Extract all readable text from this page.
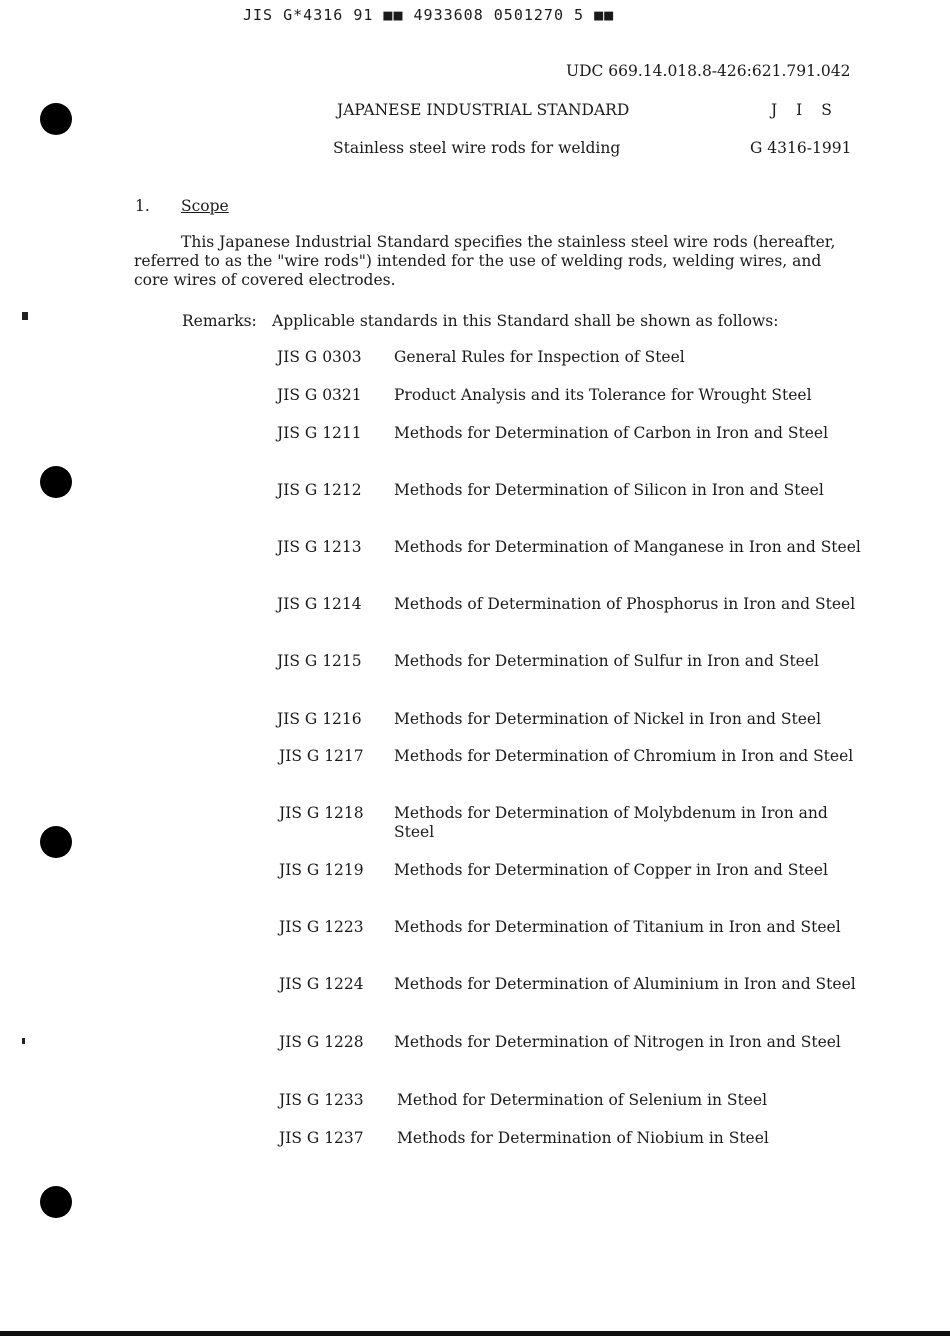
JIS G*4316 91 ■■ 4933608 0501270 5 ■■
UDC 669.14.018.8-426:621.791.042
JAPANESE INDUSTRIAL STANDARD	J I S
Stainless steel wire rods for welding	G 4316-1991
1. Scope

This Japanese Industrial Standard specifies the stainless steel wire rods (hereafter, referred to as the "wire rods") intended for the use of welding rods, welding wires, and core wires of covered electrodes.

Remarks: Applicable standards in this Standard shall be shown as follows:
JIS G 0303 General Rules for Inspection of Steel
JIS G 0321 Product Analysis and its Tolerance for Wrought Steel
JIS G 1211 Methods for Determination of Carbon in Iron and Steel
JIS G 1212 Methods for Determination of Silicon in Iron and Steel
JIS G 1213 Methods for Determination of Manganese in Iron and Steel
JIS G 1214 Methods of Determination of Phosphorus in Iron and Steel
JIS G 1215 Methods for Determination of Sulfur in Iron and Steel
JIS G 1216 Methods for Determination of Nickel in Iron and Steel
JIS G 1217 Methods for Determination of Chromium in Iron and Steel
JIS G 1218 Methods for Determination of Molybdenum in Iron and Steel
JIS G 1219 Methods for Determination of Copper in Iron and Steel
JIS G 1223 Methods for Determination of Titanium in Iron and Steel
JIS G 1224 Methods for Determination of Aluminium in Iron and Steel
JIS G 1228 Methods for Determination of Nitrogen in Iron and Steel
JIS G 1233 Method for Determination of Selenium in Steel
JIS G 1237 Methods for Determination of Niobium in Steel
